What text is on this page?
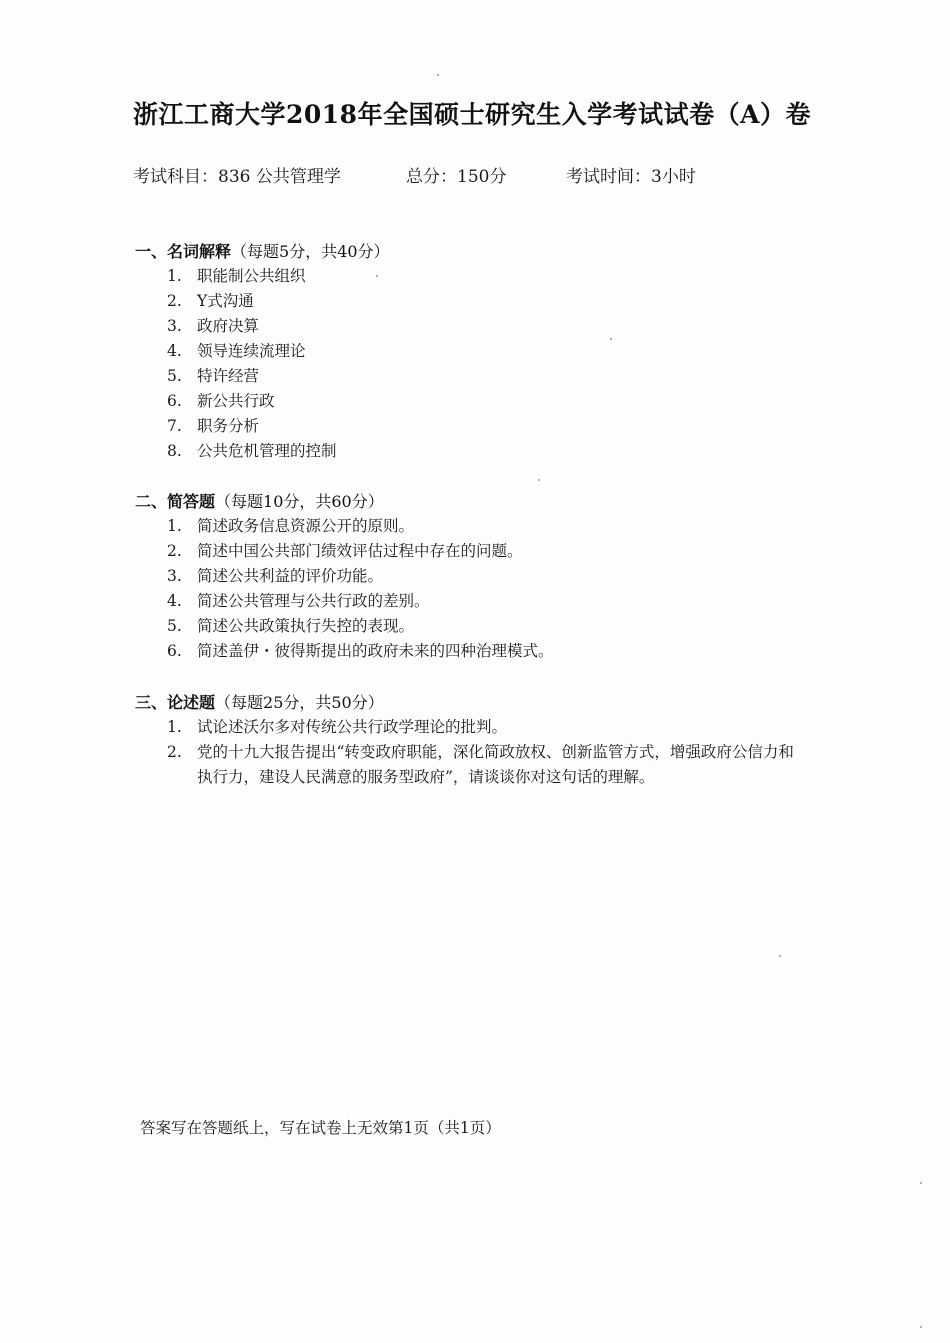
浙江工商大学2018年全国硕士研究生入学考试试卷（A）卷
考试科目：836 公共管理学	总分：150分	考试时间：3小时
一、名词解释（每题5分，共40分）
1. 职能制公共组织
2. Y式沟通
3. 政府决算
4. 领导连续流理论
5. 特许经营
6. 新公共行政
7. 职务分析
8. 公共危机管理的控制
二、简答题（每题10分，共60分）
1. 简述政务信息资源公开的原则。
2. 简述中国公共部门绩效评估过程中存在的问题。
3. 简述公共利益的评价功能。
4. 简述公共管理与公共行政的差别。
5. 简述公共政策执行失控的表现。
6. 简述盖伊・彼得斯提出的政府未来的四种治理模式。
三、论述题（每题25分，共50分）
1. 试论述沃尔多对传统公共行政学理论的批判。
2. 党的十九大报告提出“转变政府职能，深化简政放权、创新监管方式，增强政府公信力和执行力，建设人民满意的服务型政府”，请谈谈你对这句话的理解。
答案写在答题纸上，写在试卷上无效第1页（共1页）
